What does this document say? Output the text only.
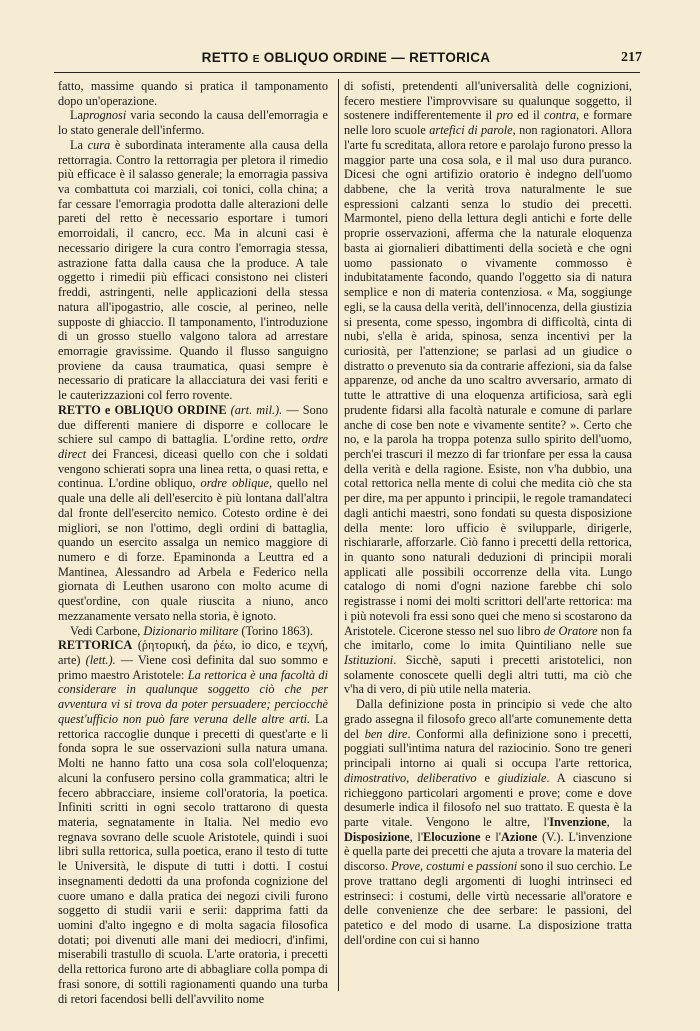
RETTO E OBLIQUO ORDINE — RETTORICA	217

fatto, massime quando si pratica il tamponamento dopo un'operazione.

Laprognosi varia secondo la causa dell'emorragia e lo stato generale dell'infermo.

La cura è subordinata interamente alla causa della rettorragia. Contro la rettorragia per pletora il rimedio più efficace è il salasso generale; la emorragia passiva va combattuta coi marziali, coi tonici, colla china; a far cessare l'emorragia prodotta dalle alterazioni delle pareti del retto è necessario esportare i tumori emorroidali, il cancro, ecc. Ma in alcuni casi è necessario dirigere la cura contro l'emorragia stessa, astrazione fatta dalla causa che la produce. A tale oggetto i rimedii più efficaci consistono nei clisteri freddi, astringenti, nelle applicazioni della stessa natura all'ipogastrio, alle coscie, al perineo, nelle supposte di ghiaccio. Il tamponamento, l'introduzione di un grosso stuello valgono talora ad arrestare emorragie gravissime. Quando il flusso sanguigno proviene da causa traumatica, quasi sempre è necessario di praticare la allacciatura dei vasi feriti e le cauterizzazioni col ferro rovente.

RETTO e OBLIQUO ORDINE (art. mil.). — Sono due differenti maniere di disporre e collocare le schiere sul campo di battaglia. L'ordine retto, ordre direct dei Francesi, diceasi quello con che i soldati vengono schierati sopra una linea retta, o quasi retta, e continua. L'ordine obliquo, ordre oblique, quello nel quale una delle ali dell'esercito è più lontana dall'altra dal fronte dell'esercito nemico. Cotesto ordine è dei migliori, se non l'ottimo, degli ordini di battaglia, quando un esercito assalga un nemico maggiore di numero e di forze. Epaminonda a Leuttra ed a Mantinea, Alessandro ad Arbela e Federico nella giornata di Leuthen usarono con molto acume di quest'ordine, con quale riuscita a niuno, anco mezzanamente versato nella storia, è ignoto.

Vedi Carbone, Dizionario militare (Torino 1863).

RETTORICA (ῥητορική, da ῥέω, io dico, e τεχνή, arte) (lett.). — Viene così definita dal suo sommo e primo maestro Aristotele: La rettorica è una facoltà di considerare in qualunque soggetto ciò che per avventura vi si trova da poter persuadere; perciocchè quest'ufficio non può fare veruna delle altre arti. La rettorica raccoglie dunque i precetti di quest'arte e li fonda sopra le sue osservazioni sulla natura umana. Molti ne hanno fatto una cosa sola coll'eloquenza; alcuni la confusero persino colla grammatica; altri le fecero abbracciare, insieme coll'oratoria, la poetica. Infiniti scritti in ogni secolo trattarono di questa materia, segnatamente in Italia. Nel medio evo regnava sovrano delle scuole Aristotele, quindi i suoi libri sulla rettorica, sulla poetica, erano il testo di tutte le Università, le dispute di tutti i dotti. I costui insegnamenti dedotti da una profonda cognizione del cuore umano e dalla pratica dei negozi civili furono soggetto di studii varii e serii: dapprima fatti da uomini d'alto ingegno e di molta sagacia filosofica dotati; poi divenuti alle mani dei mediocri, d'infimi, miserabili trastullo di scuola. L'arte oratoria, i precetti della rettorica furono arte di abbagliare colla pompa di frasi sonore, di sottili ragionamenti quando una turba di retori facendosi belli dell'avvilito nome

di sofisti, pretendenti all'universalità delle cognizioni, fecero mestiere l'improvvisare su qualunque soggetto, il sostenere indifferentemente il pro ed il contra, e formare nelle loro scuole artefici di parole, non ragionatori. Allora l'arte fu screditata, allora retore e parolajo furono presso la maggior parte una cosa sola, e il mal uso dura puranco. Dicesi che ogni artifizio oratorio è indegno dell'uomo dabbene, che la verità trova naturalmente le sue espressioni calzanti senza lo studio dei precetti. Marmontel, pieno della lettura degli antichi e forte delle proprie osservazioni, afferma che la naturale eloquenza basta ai giornalieri dibattimenti della società e che ogni uomo passionato o vivamente commosso è indubitatamente facondo, quando l'oggetto sia di natura semplice e non di materia contenziosa. « Ma, soggiunge egli, se la causa della verità, dell'innocenza, della giustizia si presenta, come spesso, ingombra di difficoltà, cinta di nubi, s'ella è arida, spinosa, senza incentivi per la curiosità, per l'attenzione; se parlasi ad un giudice o distratto o prevenuto sia da contrarie affezioni, sia da false apparenze, od anche da uno scaltro avversario, armato di tutte le attrattive di una eloquenza artificiosa, sarà egli prudente fidarsi alla facoltà naturale e comune di parlare anche di cose ben note e vivamente sentite? ». Certo che no, e la parola ha troppa potenza sullo spirito dell'uomo, perch'ei trascuri il mezzo di far trionfare per essa la causa della verità e della ragione. Esiste, non v'ha dubbio, una cotal rettorica nella mente di colui che medita ciò che sta per dire, ma per appunto i principii, le regole tramandateci dagli antichi maestri, sono fondati su questa disposizione della mente: loro ufficio è svilupparle, dirigerle, rischiararle, afforzarle. Ciò fanno i precetti della rettorica, in quanto sono naturali deduzioni di principii morali applicati alle possibili occorrenze della vita. Lungo catalogo di nomi d'ogni nazione farebbe chi solo registrasse i nomi dei molti scrittori dell'arte rettorica: ma i più notevoli fra essi sono quei che meno si scostarono da Aristotele. Cicerone stesso nel suo libro de Oratore non fa che imitarlo, come lo imita Quintiliano nelle sue Istituzioni. Sicchè, saputi i precetti aristotelici, non solamente conoscete quelli degli altri tutti, ma ciò che v'ha di vero, di più utile nella materia.

Dalla definizione posta in principio si vede che alto grado assegna il filosofo greco all'arte comunemente detta del ben dire. Conformi alla definizione sono i precetti, poggiati sull'intima natura del raziocinio. Sono tre generi principali intorno ai quali si occupa l'arte rettorica, dimostrativo, deliberativo e giudiziale. A ciascuno si richieggono particolari argomenti e prove; come e dove desumerle indica il filosofo nel suo trattato. E questa è la parte vitale. Vengono le altre, l'Invenzione, la Disposizione, l'Elocuzione e l'Azione (V.). L'invenzione è quella parte dei precetti che ajuta a trovare la materia del discorso. Prove, costumi e passioni sono il suo cerchio. Le prove trattano degli argomenti di luoghi intrinseci ed estrinseci: i costumi, delle virtù necessarie all'oratore e delle convenienze che dee serbare: le passioni, del patetico e del modo di usarne. La disposizione tratta dell'ordine con cui si hanno
